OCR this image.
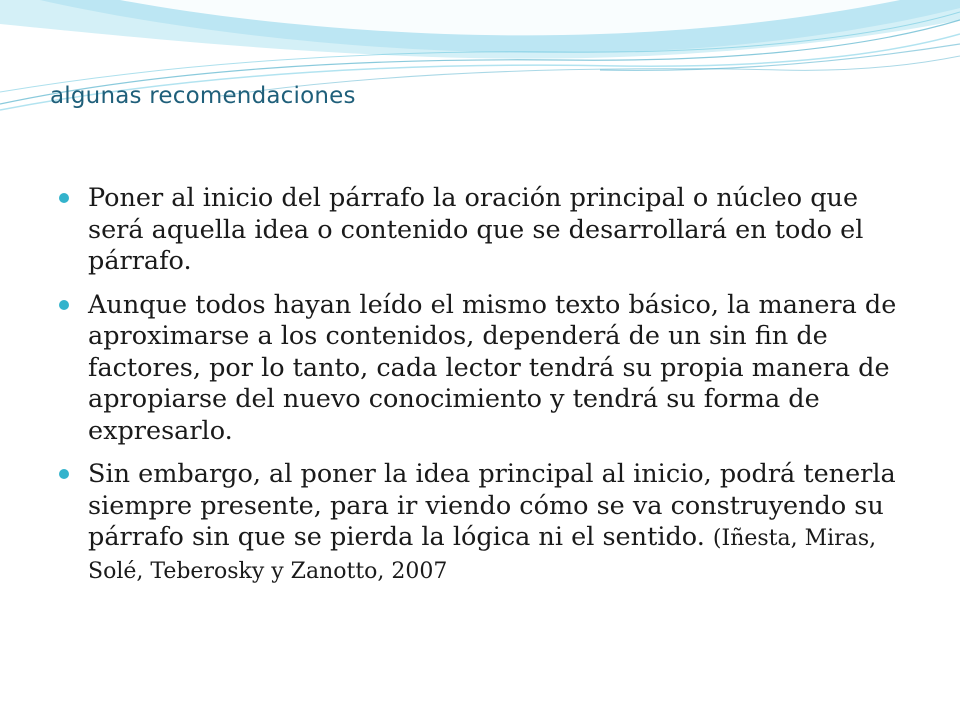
algunas recomendaciones
Poner al inicio del párrafo la oración principal o núcleo que será aquella idea o contenido que se desarrollará en todo el párrafo.
Aunque todos hayan leído el mismo texto básico, la manera de aproximarse a los contenidos, dependerá de un sin fin de factores, por lo tanto, cada lector tendrá su propia manera de apropiarse del nuevo conocimiento y tendrá su forma de expresarlo.
Sin embargo, al poner la idea principal al inicio, podrá tenerla siempre presente, para ir viendo cómo se va construyendo su párrafo sin que se pierda la lógica ni el sentido. (Iñesta, Miras, Solé, Teberosky y Zanotto, 2007
